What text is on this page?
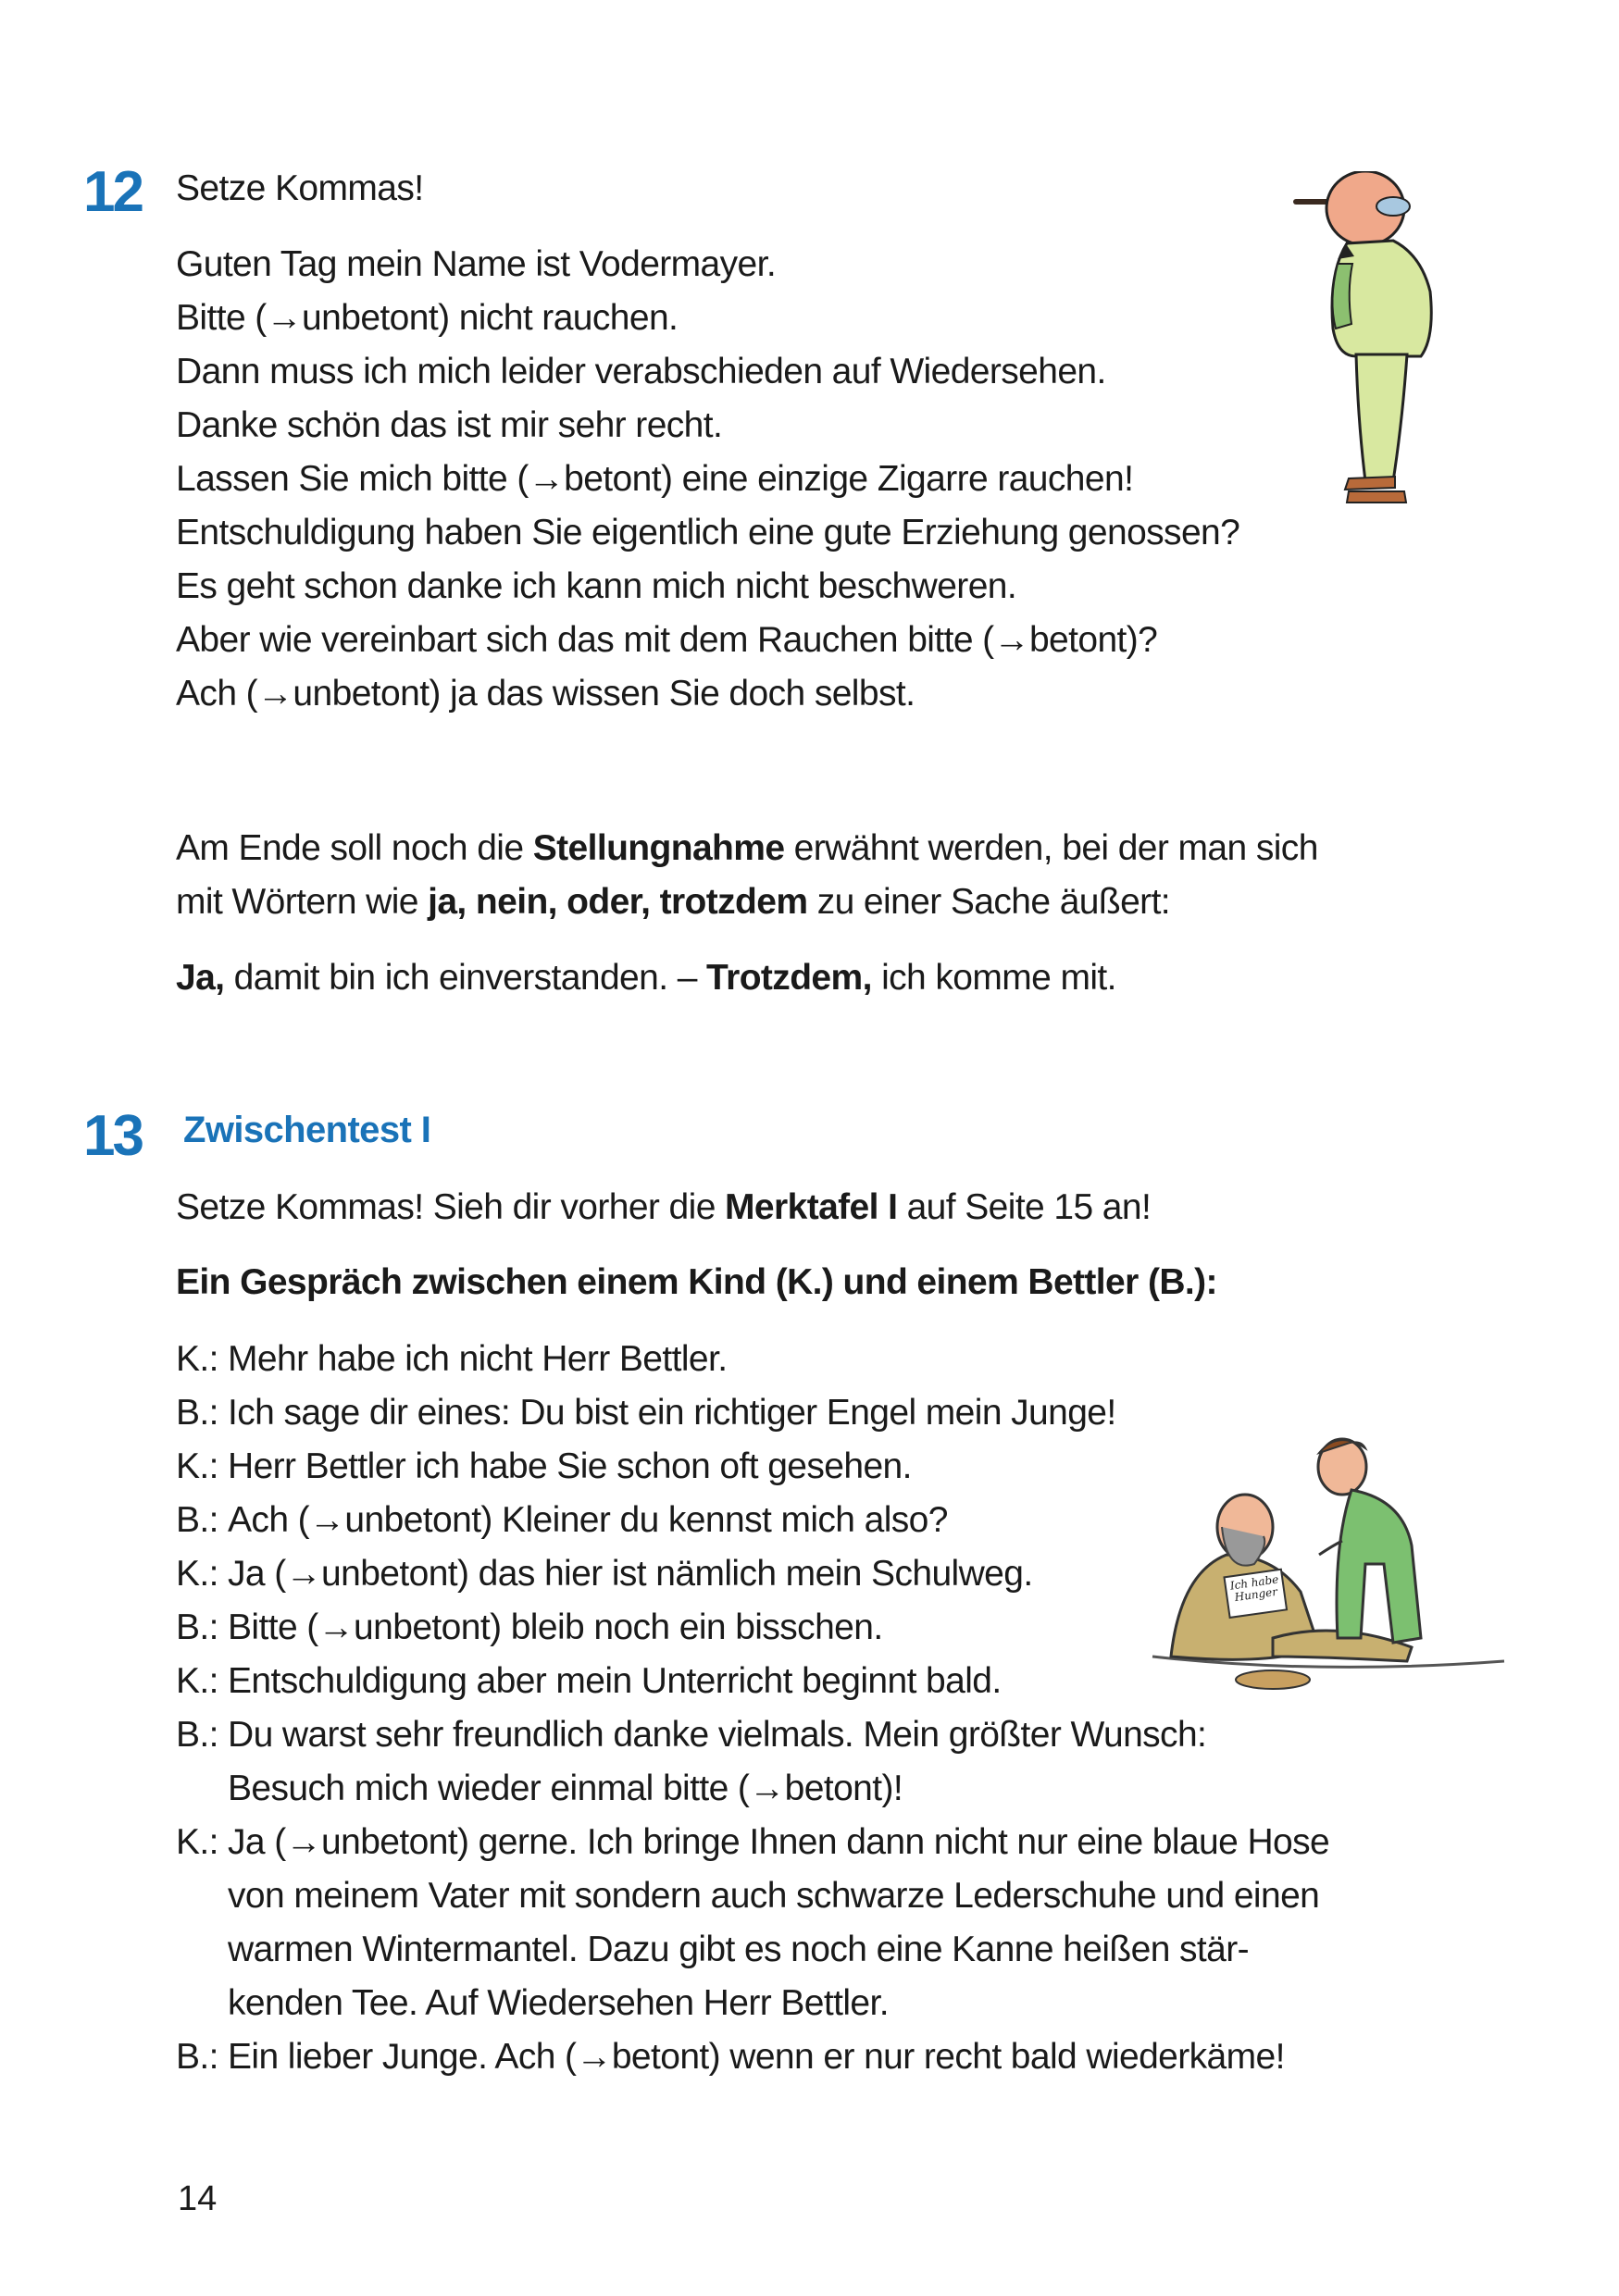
12 Setze Kommas!
Guten Tag mein Name ist Vodermayer.
Bitte (→unbetont) nicht rauchen.
Dann muss ich mich leider verabschieden auf Wiedersehen.
Danke schön das ist mir sehr recht.
Lassen Sie mich bitte (→betont) eine einzige Zigarre rauchen!
Entschuldigung haben Sie eigentlich eine gute Erziehung genossen?
Es geht schon danke ich kann mich nicht beschweren.
Aber wie vereinbart sich das mit dem Rauchen bitte (→betont)?
Ach (→unbetont) ja das wissen Sie doch selbst.
Am Ende soll noch die Stellungnahme erwähnt werden, bei der man sich
mit Wörtern wie ja, nein, oder, trotzdem zu einer Sache äußert:
Ja, damit bin ich einverstanden. – Trotzdem, ich komme mit.
13 Zwischentest I
Setze Kommas! Sieh dir vorher die Merktafel I auf Seite 15 an!
Ein Gespräch zwischen einem Kind (K.) und einem Bettler (B.):
K.: Mehr habe ich nicht Herr Bettler.
B.: Ich sage dir eines: Du bist ein richtiger Engel mein Junge!
K.: Herr Bettler ich habe Sie schon oft gesehen.
B.: Ach (→unbetont) Kleiner du kennst mich also?
K.: Ja (→unbetont) das hier ist nämlich mein Schulweg.
B.: Bitte (→unbetont) bleib noch ein bisschen.
K.: Entschuldigung aber mein Unterricht beginnt bald.
B.: Du warst sehr freundlich danke vielmals. Mein größter Wunsch:
Besuch mich wieder einmal bitte (→betont)!
K.: Ja (→unbetont) gerne. Ich bringe Ihnen dann nicht nur eine blaue Hose
von meinem Vater mit sondern auch schwarze Lederschuhe und einen
warmen Wintermantel. Dazu gibt es noch eine Kanne heißen stär-
kenden Tee. Auf Wiedersehen Herr Bettler.
B.: Ein lieber Junge. Ach (→betont) wenn er nur recht bald wiederkäme!
Ich habe Hunger
14
